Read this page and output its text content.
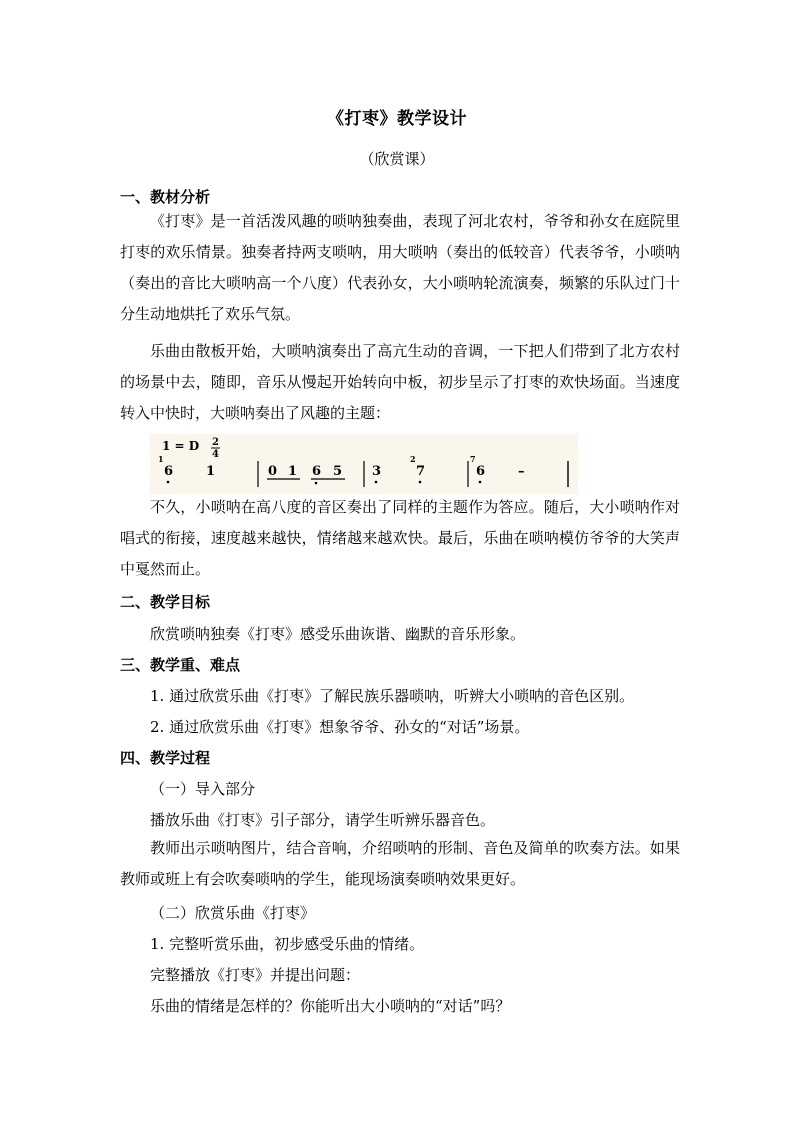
《打枣》教学设计
（欣赏课）
一、教材分析

《打枣》是一首活泼风趣的唢呐独奏曲，表现了河北农村，爷爷和孙女在庭院里打枣的欢乐情景。独奏者持两支唢呐，用大唢呐（奏出的低较音）代表爷爷，小唢呐（奏出的音比大唢呐高一个八度）代表孙女，大小唢呐轮流演奏，频繁的乐队过门十分生动地烘托了欢乐气氛。

乐曲由散板开始，大唢呐演奏出了高亢生动的音调，一下把人们带到了北方农村的场景中去，随即，音乐从慢起开始转向中板，初步呈示了打枣的欢快场面。当速度转入中快时，大唢呐奏出了风趣的主题：

1 = D 2
4
1
6	1	0 1 6 5 3
2
7
7
6	–

不久，小唢呐在高八度的音区奏出了同样的主题作为答应。随后，大小唢呐作对唱式的衔接，速度越来越快，情绪越来越欢快。最后，乐曲在唢呐模仿爷爷的大笑声中戛然而止。

二、教学目标
欣赏唢呐独奏《打枣》感受乐曲诙谐、幽默的音乐形象。
三、教学重、难点
1. 通过欣赏乐曲《打枣》了解民族乐器唢呐，听辨大小唢呐的音色区别。
2. 通过欣赏乐曲《打枣》想象爷爷、孙女的“对话”场景。
四、教学过程
（一）导入部分
播放乐曲《打枣》引子部分，请学生听辨乐器音色。

教师出示唢呐图片，结合音响，介绍唢呐的形制、音色及简单的吹奏方法。如果教师或班上有会吹奏唢呐的学生，能现场演奏唢呐效果更好。

（二）欣赏乐曲《打枣》
1. 完整听赏乐曲，初步感受乐曲的情绪。
完整播放《打枣》并提出问题：
乐曲的情绪是怎样的？你能听出大小唢呐的“对话”吗？
